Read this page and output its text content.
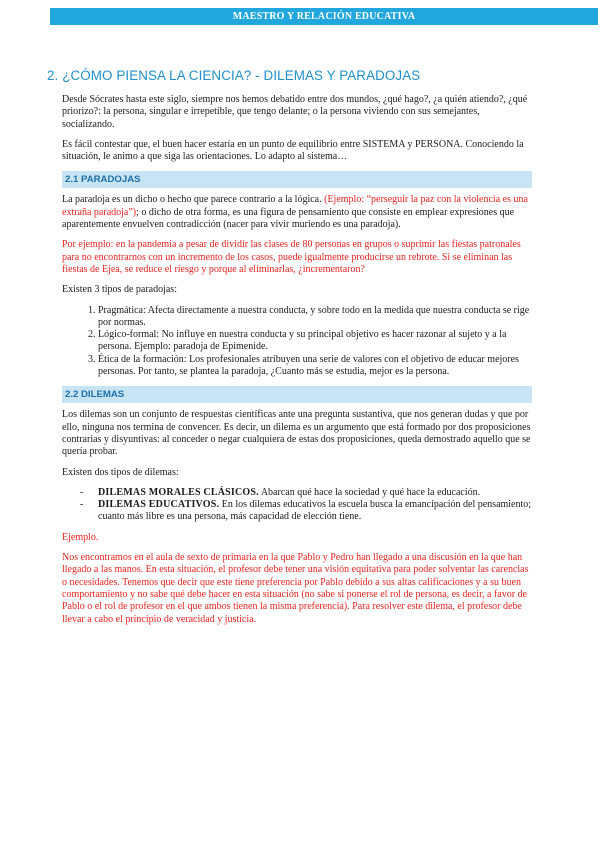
MAESTRO Y RELACIÓN EDUCATIVA
2. ¿CÓMO PIENSA LA CIENCIA? - DILEMAS Y PARADOJAS

Desde Sócrates hasta este siglo, siempre nos hemos debatido entre dos mundos, ¿qué hago?, ¿a quién atiendo?, ¿qué priorizo?: la persona, singular e irrepetible, que tengo delante; o la persona viviendo con sus semejantes, socializando.

Es fácil contestar que, el buen hacer estaría en un punto de equilibrio entre SISTEMA y PERSONA. Conociendo la situación, le animo a que siga las orientaciones. Lo adapto al sistema…

2.1 PARADOJAS

La paradoja es un dicho o hecho que parece contrario a la lógica. (Ejemplo: “perseguir la paz con la violencia es una extraña paradoja”); o dicho de otra forma, es una figura de pensamiento que consiste en emplear expresiones que aparentemente envuelven contradicción (nacer para vivir muriendo es una paradoja).

Por ejemplo: en la pandemia a pesar de dividir las clases de 80 personas en grupos o suprimir las fiestas patronales para no encontrarnos con un incremento de los casos, puede igualmente producirse un rebrote. Si se eliminan las fiestas de Ejea, se reduce el riesgo y porque al eliminarlas, ¿incrementaron?

Existen 3 tipos de paradojas:

1. Pragmática: Afecta directamente a nuestra conducta, y sobre todo en la medida que nuestra conducta se rige por normas.
2. Lógico-formal: No influye en nuestra conducta y su principal objetivo es hacer razonar al sujeto y a la persona. Ejemplo: paradoja de Epimenide.
3. Ética de la formación: Los profesionales atribuyen una serie de valores con el objetivo de educar mejores personas. Por tanto, se plantea la paradoja, ¿Cuanto más se estudia, mejor es la persona.
2.2 DILEMAS

Los dilemas son un conjunto de respuestas científicas ante una pregunta sustantiva, que nos generan dudas y que por ello, ninguna nos termina de convencer. Es decir, un dilema es un argumento que está formado por dos proposiciones contrarias y disyuntivas: al conceder o negar cualquiera de estas dos proposiciones, queda demostrado aquello que se quería probar.

Existen dos tipos de dilemas:

- DILEMAS MORALES CLÁSICOS. Abarcan qué hace la sociedad y qué hace la educación.
- DILEMAS EDUCATIVOS. En los dilemas educativos la escuela busca la emancipación del pensamiento; cuanto más libre es una persona, más capacidad de elección tiene.

Ejemplo.

Nos encontramos en el aula de sexto de primaria en la que Pablo y Pedro han llegado a una discusión en la que han llegado a las manos. En esta situación, el profesor debe tener una visión equitativa para poder solventar las carencias o necesidades. Tenemos que decir que este tiene preferencia por Pablo debido a sus altas calificaciones y a su buen comportamiento y no sabe qué debe hacer en esta situación (no sabe si ponerse el rol de persona, es decir, a favor de Pablo o el rol de profesor en el que ambos tienen la misma preferencia). Para resolver este dilema, el profesor debe llevar a cabo el principio de veracidad y justicia.
